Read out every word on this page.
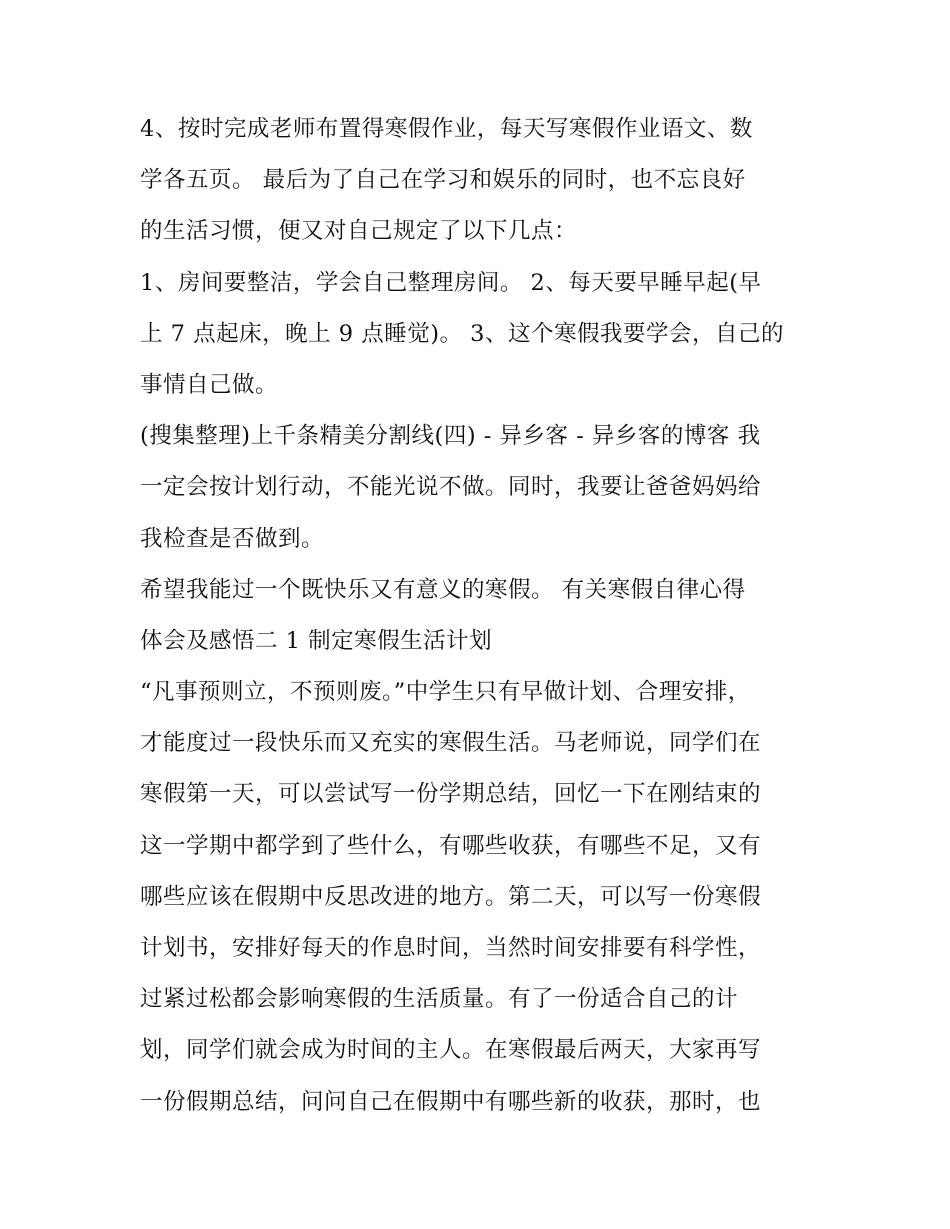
4、按时完成老师布置得寒假作业，每天写寒假作业语文、数
学各五页。 最后为了自己在学习和娱乐的同时，也不忘良好
的生活习惯，便又对自己规定了以下几点：
1、房间要整洁，学会自己整理房间。 2、每天要早睡早起(早
上 7 点起床，晚上 9 点睡觉)。 3、这个寒假我要学会，自己的
事情自己做。
(搜集整理)上千条精美分割线(四) - 异乡客 - 异乡客的博客 我
一定会按计划行动，不能光说不做。同时，我要让爸爸妈妈给
我检查是否做到。
希望我能过一个既快乐又有意义的寒假。 有关寒假自律心得
体会及感悟二 1 制定寒假生活计划
“凡事预则立，不预则废。”中学生只有早做计划、合理安排，
才能度过一段快乐而又充实的寒假生活。马老师说，同学们在
寒假第一天，可以尝试写一份学期总结，回忆一下在刚结束的
这一学期中都学到了些什么，有哪些收获，有哪些不足，又有
哪些应该在假期中反思改进的地方。第二天，可以写一份寒假
计划书，安排好每天的作息时间，当然时间安排要有科学性，
过紧过松都会影响寒假的生活质量。有了一份适合自己的计
划，同学们就会成为时间的主人。在寒假最后两天，大家再写
一份假期总结，问问自己在假期中有哪些新的收获，那时，也
